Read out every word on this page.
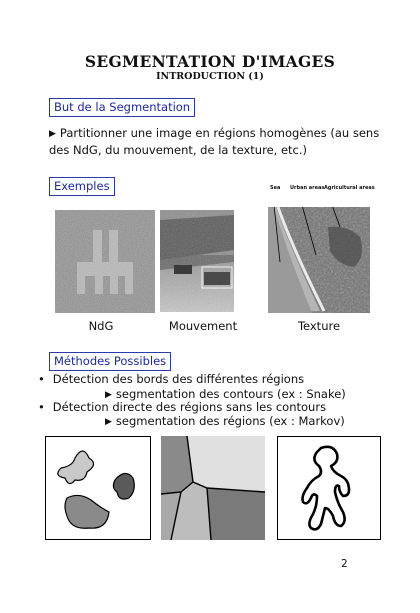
SEGMENTATION D'IMAGES
INTRODUCTION (1)
But de la Segmentation
▶ Partitionner une image en régions homogènes (au sens
des NdG, du mouvement, de la texture, etc.)
Exemples	Sea Urban areas Agricultural areas
NdG	Mouvement	Texture
Méthodes Possibles
• Détection des bords des différentes régions
▶ segmentation des contours (ex : Snake)
• Détection directe des régions sans les contours
▶ segmentation des régions (ex : Markov)
2
